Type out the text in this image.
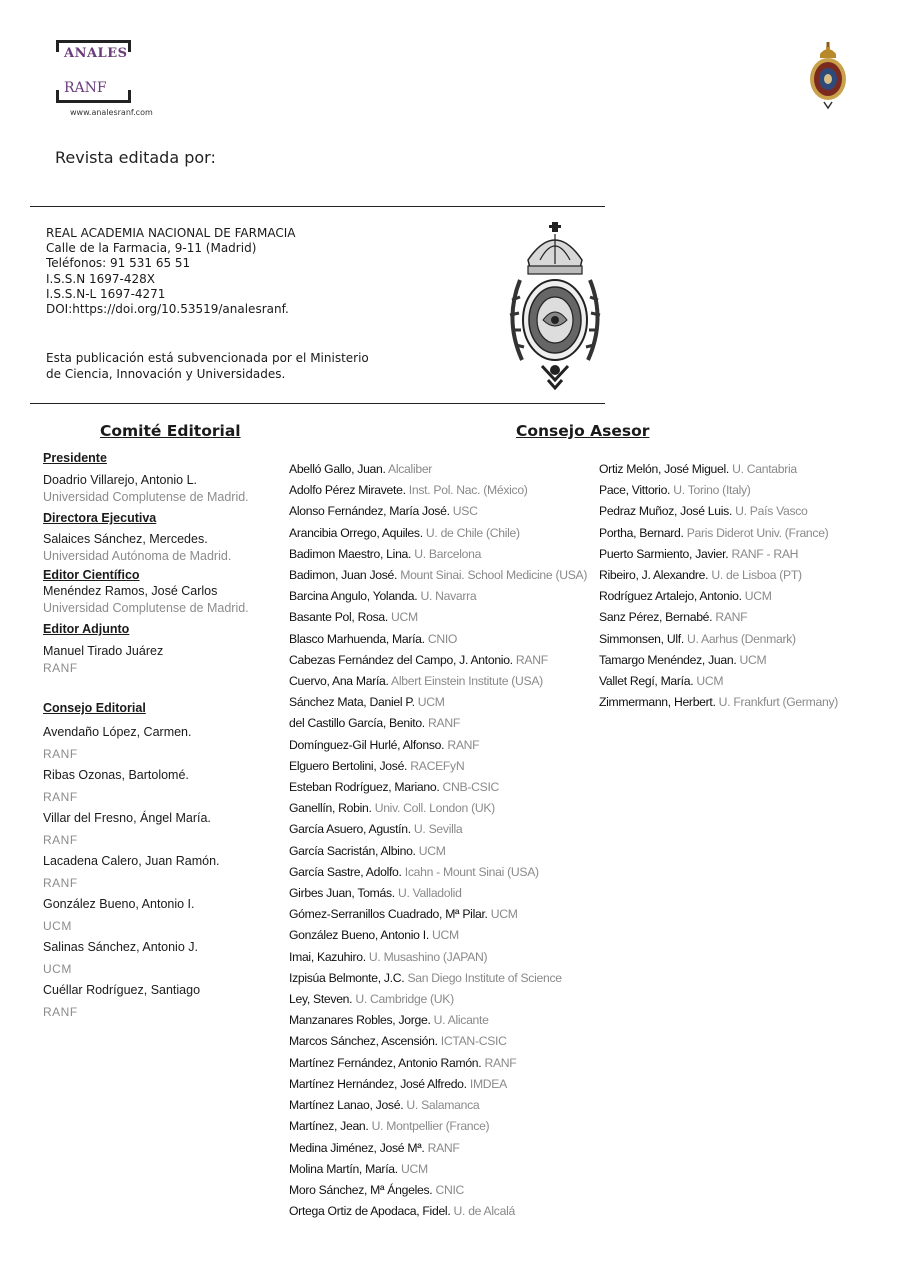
ANALES
RANF
www.analesranf.com
Revista editada por:
REAL ACADEMIA NACIONAL DE FARMACIA
Calle de la Farmacia, 9-11 (Madrid)
Teléfonos: 91 531 65 51
I.S.S.N 1697-428X
I.S.S.N-L 1697-4271
DOI:https://doi.org/10.53519/analesranf.
Esta publicación está subvencionada por el Ministerio
de Ciencia, Innovación y Universidades.
Comité Editorial	Consejo Asesor
Presidente
Doadrio Villarejo, Antonio L.
Universidad Complutense de Madrid.
Directora Ejecutiva
Salaices Sánchez, Mercedes.
Universidad Autónoma de Madrid.
Editor Científico
Menéndez Ramos, José Carlos
Universidad Complutense de Madrid.
Editor Adjunto
Manuel Tirado Juárez
RANF
Consejo Editorial
Avendaño López, Carmen.
RANF
Ribas Ozonas, Bartolomé.
RANF
Villar del Fresno, Ángel María.
RANF
Lacadena Calero, Juan Ramón.
RANF
González Bueno, Antonio I.
UCM
Salinas Sánchez, Antonio J.
UCM
Cuéllar Rodríguez, Santiago
RANF
Abelló Gallo, Juan. Alcaliber
Adolfo Pérez Miravete. Inst. Pol. Nac. (México)
Alonso Fernández, María José. USC
Arancibia Orrego, Aquiles. U. de Chile (Chile)
Badimon Maestro, Lina. U. Barcelona
Badimon, Juan José. Mount Sinai. School Medicine (USA)
Barcina Angulo, Yolanda. U. Navarra
Basante Pol, Rosa. UCM
Blasco Marhuenda, María. CNIO
Cabezas Fernández del Campo, J. Antonio. RANF
Cuervo, Ana María. Albert Einstein Institute (USA)
Sánchez Mata, Daniel P. UCM
del Castillo García, Benito. RANF
Domínguez-Gil Hurlé, Alfonso. RANF
Elguero Bertolini, José. RACEFyN
Esteban Rodríguez, Mariano. CNB-CSIC
Ganellín, Robin. Univ. Coll. London (UK)
García Asuero, Agustín. U. Sevilla
García Sacristán, Albino. UCM
García Sastre, Adolfo. Icahn - Mount Sinai (USA)
Girbes Juan, Tomás. U. Valladolid
Gómez-Serranillos Cuadrado, Mª Pilar. UCM
González Bueno, Antonio I. UCM
Imai, Kazuhiro. U. Musashino (JAPAN)
Izpisúa Belmonte, J.C. San Diego Institute of Science
Ley, Steven. U. Cambridge (UK)
Manzanares Robles, Jorge. U. Alicante
Marcos Sánchez, Ascensión. ICTAN-CSIC
Martínez Fernández, Antonio Ramón. RANF
Martínez Hernández, José Alfredo. IMDEA
Martínez Lanao, José. U. Salamanca
Martínez, Jean. U. Montpellier (France)
Medina Jiménez, José Mª. RANF
Molina Martín, María. UCM
Moro Sánchez, Mª Ángeles. CNIC
Ortega Ortiz de Apodaca, Fidel. U. de Alcalá
Ortiz Melón, José Miguel. U. Cantabria
Pace, Vittorio. U. Torino (Italy)
Pedraz Muñoz, José Luis. U. País Vasco
Portha, Bernard. Paris Diderot Univ. (France)
Puerto Sarmiento, Javier. RANF - RAH
Ribeiro, J. Alexandre. U. de Lisboa (PT)
Rodríguez Artalejo, Antonio. UCM
Sanz Pérez, Bernabé. RANF
Simmonsen, Ulf. U. Aarhus (Denmark)
Tamargo Menéndez, Juan. UCM
Vallet Regí, María. UCM
Zimmermann, Herbert. U. Frankfurt (Germany)
